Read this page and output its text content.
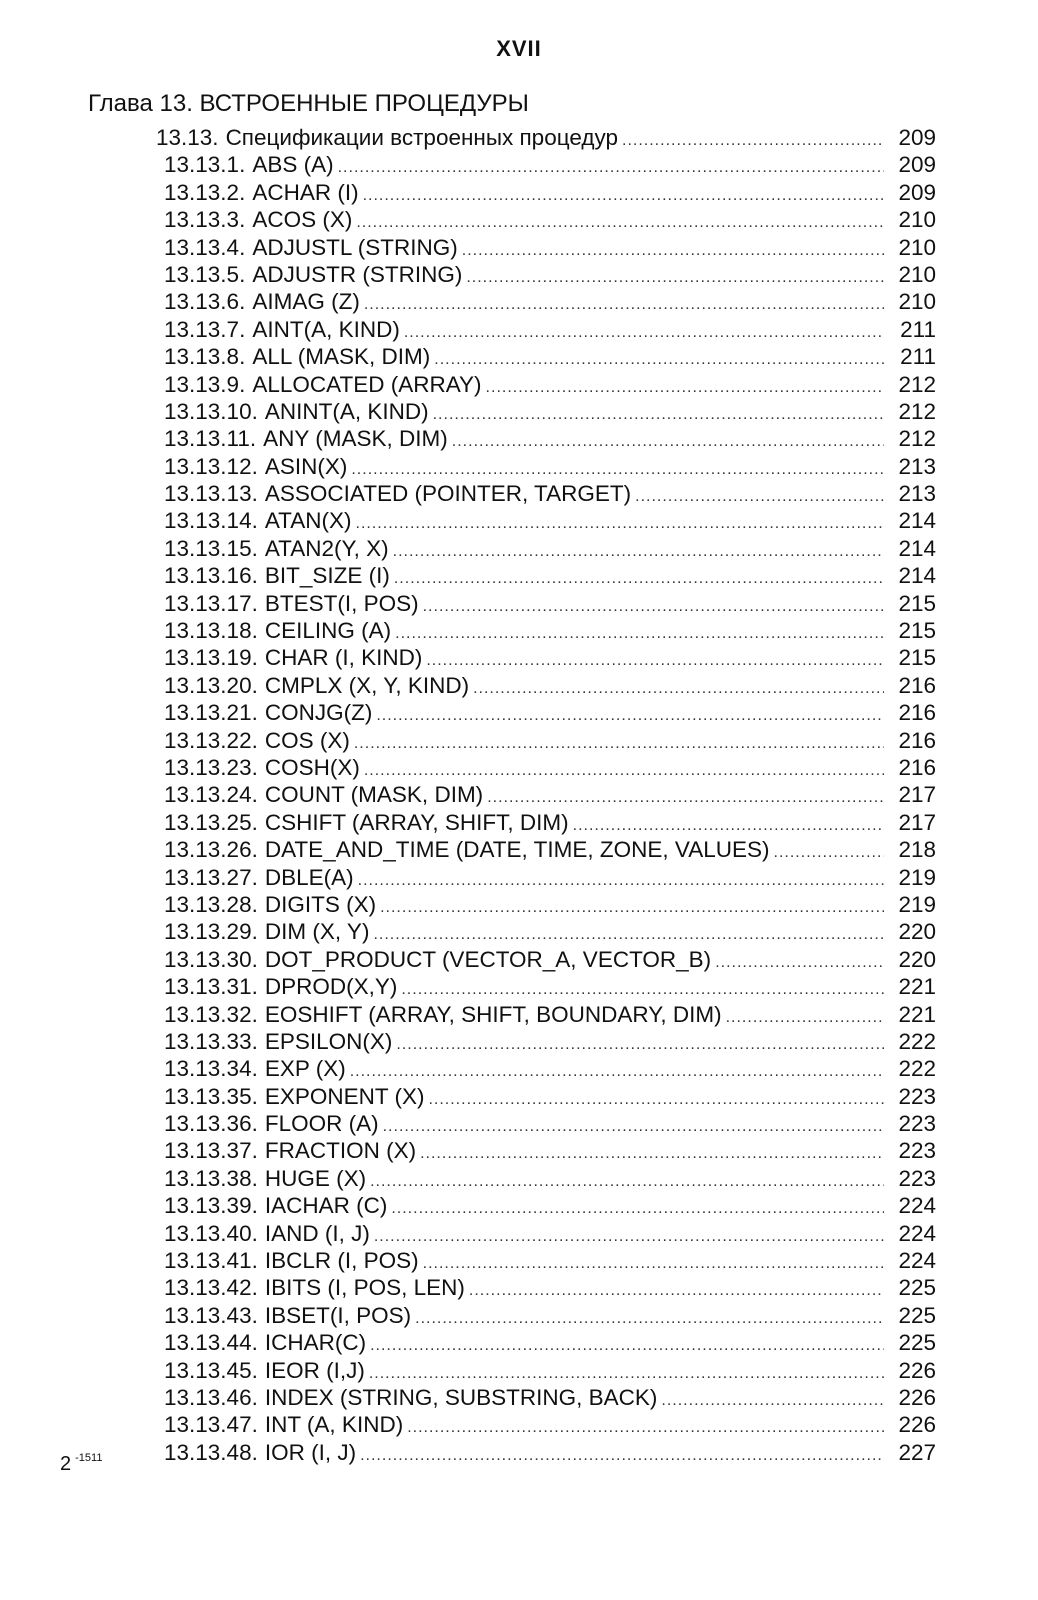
XVII
Глава 13. ВСТРОЕННЫЕ ПРОЦЕДУРЫ
13.13. Спецификации встроенных процедур .....	209
13.13.1. ABS (A) .....	209
13.13.2. ACHAR (I) .....	209
13.13.3. ACOS (X) .....	210
13.13.4. ADJUSTL (STRING) .....	210
13.13.5. ADJUSTR (STRING) .....	210
13.13.6. AIMAG (Z) .....	210
13.13.7. AINT(A, KIND) .....	211
13.13.8. ALL (MASK, DIM) .....	211
13.13.9. ALLOCATED (ARRAY) .....	212
13.13.10. ANINT(A, KIND) .....	212
13.13.11. ANY (MASK, DIM) .....	212
13.13.12. ASIN(X) .....	213
13.13.13. ASSOCIATED (POINTER, TARGET) .....	213
13.13.14. ATAN(X) .....	214
13.13.15. ATAN2(Y, X) .....	214
13.13.16. BIT_SIZE (I) .....	214
13.13.17. BTEST(I, POS) .....	215
13.13.18. CEILING (A) .....	215
13.13.19. CHAR (I, KIND) .....	215
13.13.20. CMPLX (X, Y, KIND) .....	216
13.13.21. CONJG(Z) .....	216
13.13.22. COS (X) .....	216
13.13.23. COSH(X) .....	216
13.13.24. COUNT (MASK, DIM) .....	217
13.13.25. CSHIFT (ARRAY, SHIFT, DIM) .....	217
13.13.26. DATE_AND_TIME (DATE, TIME, ZONE, VALUES) .....	218
13.13.27. DBLE(A) .....	219
13.13.28. DIGITS (X) .....	219
13.13.29. DIM (X, Y) .....	220
13.13.30. DOT_PRODUCT (VECTOR_A, VECTOR_B) .....	220
13.13.31. DPROD(X,Y) .....	221
13.13.32. EOSHIFT (ARRAY, SHIFT, BOUNDARY, DIM) .....	221
13.13.33. EPSILON(X) .....	222
13.13.34. EXP (X) .....	222
13.13.35. EXPONENT (X) .....	223
13.13.36. FLOOR (A) .....	223
13.13.37. FRACTION (X) .....	223
13.13.38. HUGE (X) .....	223
13.13.39. IACHAR (C) .....	224
13.13.40. IAND (I, J) .....	224
13.13.41. IBCLR (I, POS) .....	224
13.13.42. IBITS (I, POS, LEN) .....	225
13.13.43. IBSET(I, POS) .....	225
13.13.44. ICHAR(C) .....	225
13.13.45. IEOR (I,J) .....	226
13.13.46. INDEX (STRING, SUBSTRING, BACK) .....	226
13.13.47. INT (A, KIND) .....	226
13.13.48. IOR (I, J) .....	227
2 $^{-1511}$
